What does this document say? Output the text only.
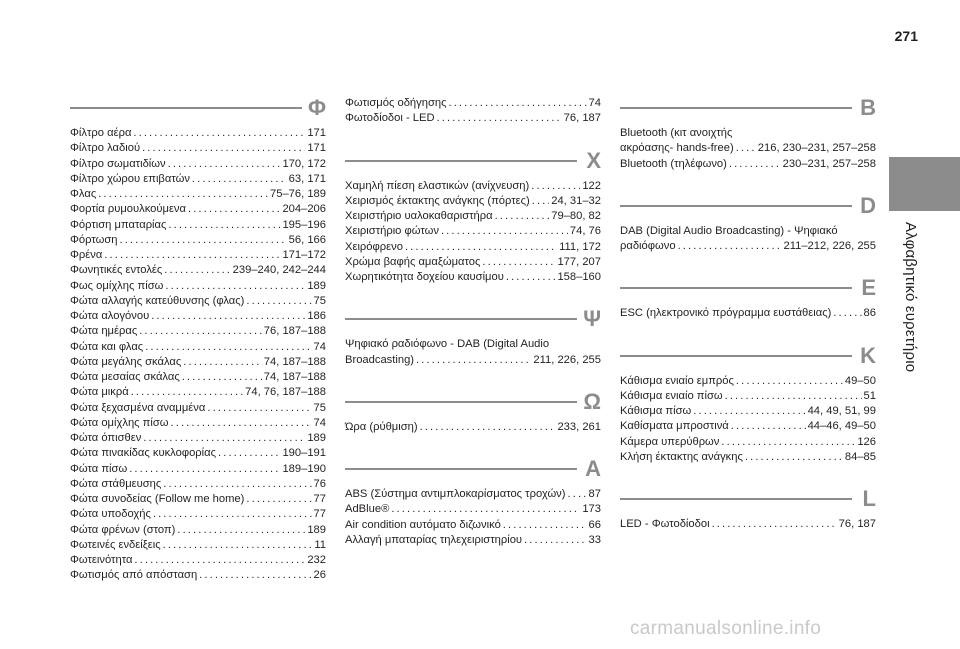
271
Αλφαβητικό ευρετήριο
Φ
Φίλτρο αέρα . . .	171
Φίλτρο λαδιού . . .	171
Φίλτρο σωματιδίων . . .	170, 172
Φίλτρο χώρου επιβατών . . .	63, 171
Φλας . . .	75–76, 189
Φορτία ρυμουλκούμενα . . .	204–206
Φόρτιση μπαταρίας . . .	195–196
Φόρτωση . . .	56, 166
Φρένα . . .	171–172
Φωνητικές εντολές . . .	239–240, 242–244
Φως ομίχλης πίσω . . .	189
Φώτα αλλαγής κατεύθυνσης (φλας) . . .	75
Φώτα αλογόνου . . .	186
Φώτα ημέρας . . .	76, 187–188
Φώτα και φλας . . .	74
Φώτα μεγάλης σκάλας . . .	74, 187–188
Φώτα μεσαίας σκάλας . . .	74, 187–188
Φώτα μικρά . . .	74, 76, 187–188
Φώτα ξεχασμένα αναμμένα . . .	75
Φώτα ομίχλης πίσω . . .	74
Φώτα όπισθεν . . .	189
Φώτα πινακίδας κυκλοφορίας . . .	190–191
Φώτα πίσω . . .	189–190
Φώτα στάθμευσης . . .	76
Φώτα συνοδείας (Follow me home) . . .	77
Φώτα υποδοχής . . .	77
Φώτα φρένων (στοπ) . . .	189
Φωτεινές ενδείξεις . . .	11
Φωτεινότητα . . .	232
Φωτισμός από απόσταση . . .	26
Φωτισμός οδήγησης . . .	74
Φωτοδίοδοι - LED . . .	76, 187
Χ
Χαμηλή πίεση ελαστικών (ανίχνευση) . . .	122
Χειρισμός έκτακτης ανάγκης (πόρτες) . . . 24, 31–32
Χειριστήριο υαλοκαθαριστήρα . . .	79–80, 82
Χειριστήριο φώτων . . .	74, 76
Χειρόφρενο . . .	111, 172
Χρώμα βαφής αμαξώματος . . .	177, 207
Χωρητικότητα δοχείου καυσίμου . . .	158–160
Ψ
Ψηφιακό ραδιόφωνο - DAB (Digital Audio
Broadcasting) . . .	211, 226, 255
Ω
Ώρα (ρύθμιση) . . .	233, 261
A
ABS (Σύστημα αντιμπλοκαρίσματος τροχών) . . . 87
AdBlue® . . .	173
Air condition αυτόματο διζωνικό . . .	66
Αλλαγή μπαταρίας τηλεχειριστηρίου . . .	33
B
Bluetooth (κιτ ανοιχτής
ακρόασης- hands-free) . . . 216, 230–231, 257–258
Bluetooth (τηλέφωνο) . . .	230–231, 257–258
D
DAB (Digital Audio Broadcasting) - Ψηφιακό
ραδιόφωνο . . .	211–212, 226, 255
E
ESC (ηλεκτρονικό πρόγραμμα ευστάθειας) . . .	86
K
Κάθισμα ενιαίο εμπρός . . .	49–50
Κάθισμα ενιαίο πίσω . . .	51
Κάθισμα πίσω . . .	44, 49, 51, 99
Καθίσματα μπροστινά . . .	44–46, 49–50
Κάμερα υπερύθρων . . .	126
Κλήση έκτακτης ανάγκης . . .	84–85
L
LED - Φωτοδίοδοι . . .	76, 187
carmanualsonline.info
